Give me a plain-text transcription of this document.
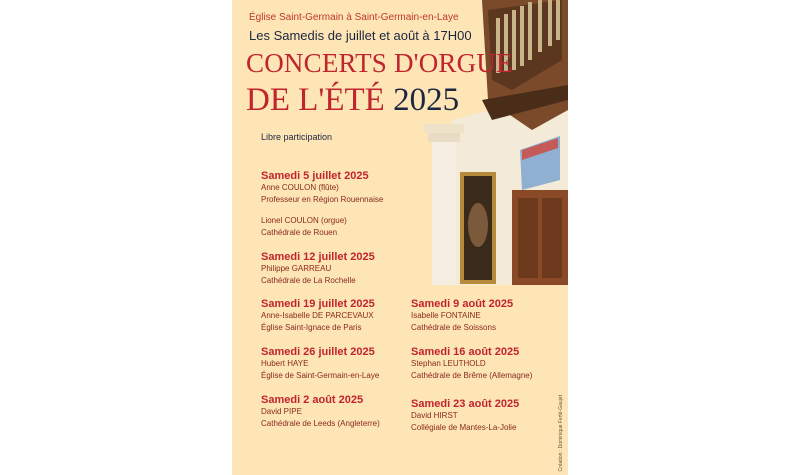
Église Saint-Germain à Saint-Germain-en-Laye
Les Samedis de juillet et août à 17H00
CONCERTS D'ORGUE
DE L'ÉTÉ 2025
Libre participation
Samedi 5 juillet 2025
Anne COULON (flûte)
Professeur en Région Rouennaise
Lionel COULON (orgue)
Cathédrale de Rouen
Samedi 12 juillet 2025
Philippe GARREAU
Cathédrale de La Rochelle
Samedi 19 juillet 2025
Anne-Isabelle DE PARCEVAUX
Église Saint-Ignace de Paris
Samedi 26 juillet 2025
Hubert HAYE
Église de Saint-Germain-en-Laye
Samedi 2 août 2025
David PIPE
Cathédrale de Leeds (Angleterre)
Samedi 9 août 2025
Isabelle FONTAINE
Cathédrale de Soissons
Samedi 16 août 2025
Stephan LEUTHOLD
Cathédrale de Brême (Allemagne)
Samedi 23 août 2025
David HIRST
Collégiale de Mantes-La-Jolie	Création : Dominique Ferté-Gaujet
